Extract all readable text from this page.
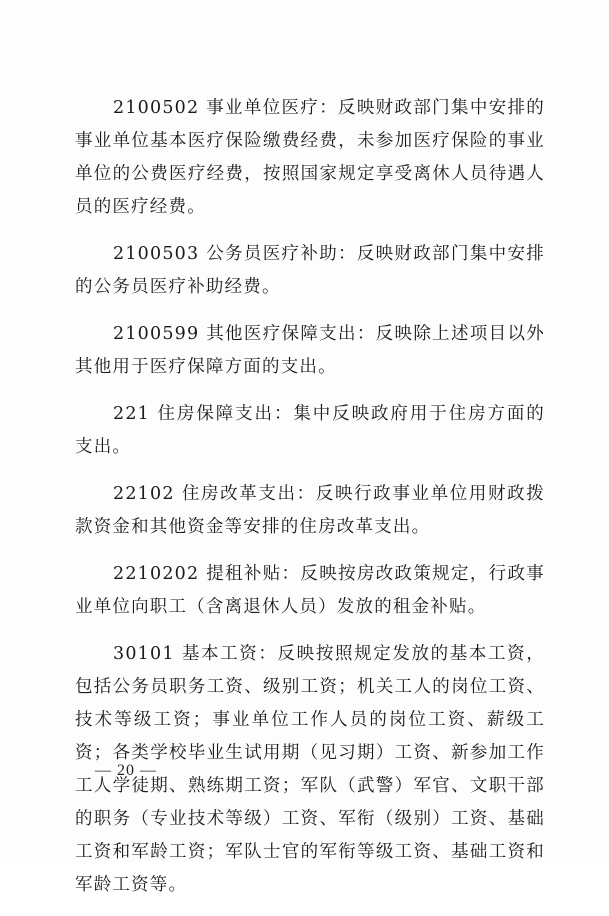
2100502 事业单位医疗：反映财政部门集中安排的事业单位基本医疗保险缴费经费，未参加医疗保险的事业单位的公费医疗经费，按照国家规定享受离休人员待遇人员的医疗经费。

2100503 公务员医疗补助：反映财政部门集中安排的公务员医疗补助经费。

2100599 其他医疗保障支出：反映除上述项目以外其他用于医疗保障方面的支出。

221 住房保障支出：集中反映政府用于住房方面的支出。

22102 住房改革支出：反映行政事业单位用财政拨款资金和其他资金等安排的住房改革支出。

2210202 提租补贴：反映按房改政策规定，行政事业单位向职工（含离退休人员）发放的租金补贴。

30101 基本工资：反映按照规定发放的基本工资，包括公务员职务工资、级别工资；机关工人的岗位工资、技术等级工资；事业单位工作人员的岗位工资、薪级工资；各类学校毕业生试用期（见习期）工资、新参加工作工人学徒期、熟练期工资；军队（武警）军官、文职干部的职务（专业技术等级）工资、军衔（级别）工资、基础工资和军龄工资；军队士官的军衔等级工资、基础工资和军龄工资等。

— 20 —
